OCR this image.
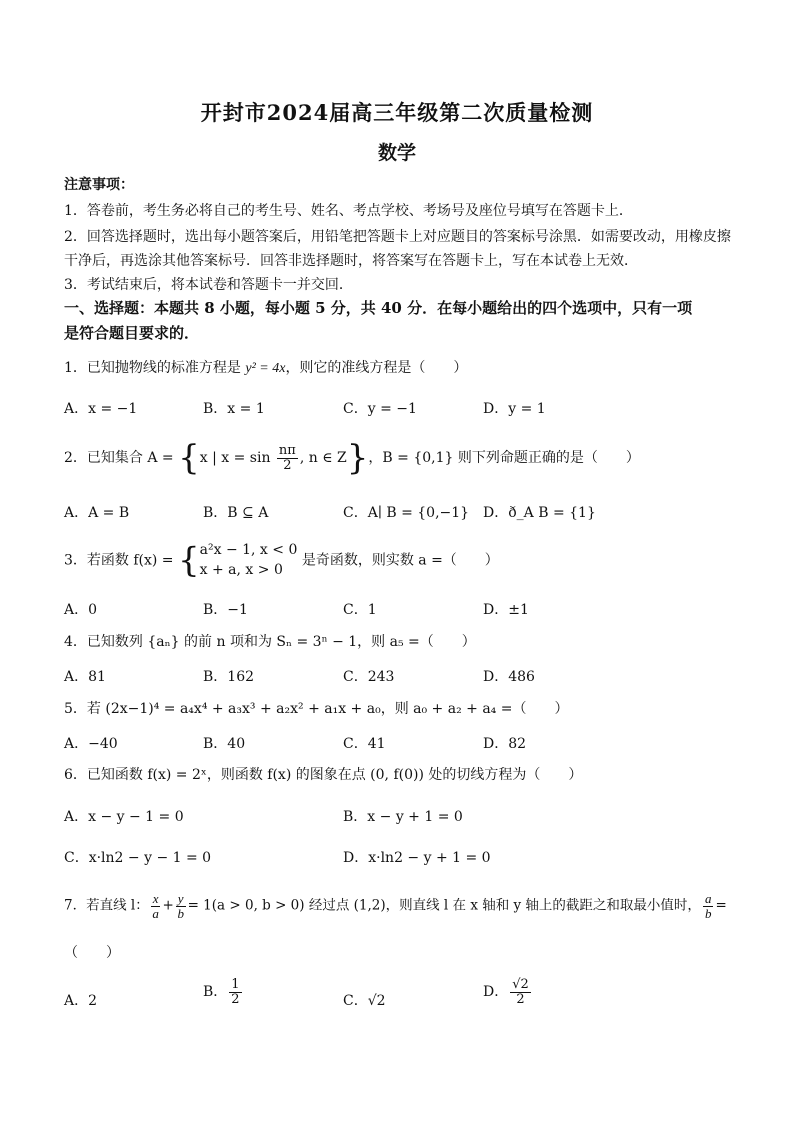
开封市2024届高三年级第二次质量检测
数学
注意事项：
1．答卷前，考生务必将自己的考生号、姓名、考点学校、考场号及座位号填写在答题卡上．
2．回答选择题时，选出每小题答案后，用铅笔把答题卡上对应题目的答案标号涂黑．如需要改动，用橡皮擦
干净后，再选涂其他答案标号．回答非选择题时，将答案写在答题卡上，写在本试卷上无效．
3．考试结束后，将本试卷和答题卡一并交回．
一、选择题：本题共 8 小题，每小题 5 分，共 40 分．在每小题给出的四个选项中，只有一项
是符合题目要求的．
1．已知抛物线的标准方程是 y² = 4x，则它的准线方程是（　　）
A．x = −1	B．x = 1	C．y = −1	D．y = 1
2．已知集合 A = {x | $x = \sin \frac{n\pi}{2}$ , n ∈ Z}，B = {0,1} 则下列命题正确的是（　　）
A．A = B	B．B ⊆ A	C．A∣ B = {0,−1} D．ð_A B = {1}
3．若函数 f(x) = { a²x − 1, x < 0
x + a, x > 0
是奇函数，则实数 a =（　　）
A．0	B．−1	C．1	D．±1
4．已知数列 {aₙ} 的前 n 项和为 Sₙ = 3ⁿ − 1，则 a₅ =（　　）
A．81	B．162	C．243	D．486
5．若 (2x−1)⁴ = a₄x⁴ + a₃x³ + a₂x² + a₁x + a₀，则 a₀ + a₂ + a₄ =（　　）
A．−40	B．40	C．41	D．82
6．已知函数 f(x) = 2ˣ，则函数 f(x) 的图象在点 (0, f(0)) 处的切线方程为（　　）
A．x − y − 1 = 0	B．x − y + 1 = 0
C．x·ln2 − y − 1 = 0	D．x·ln2 − y + 1 = 0
7．若直线 l： $\frac{x}{a} + \frac{y}{b} = 1(a > 0$, b > 0) 经过点 (1,2)，则直线 l 在 x 轴和 y 轴上的截距之和取最小值时， $\frac{a}{b}$ =
（　　）
A．2
B． $\frac{1}{2}$	C．√2
D． $\frac{√2}{2}$
